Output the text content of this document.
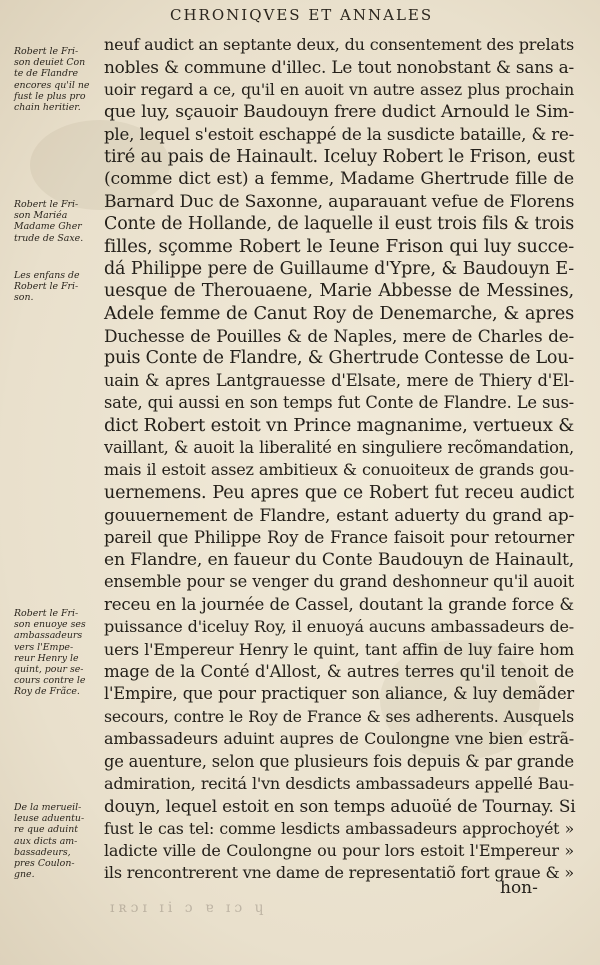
CHRONIQVES ET ANNALES
Robert le Fri-
son deuiet Con
te de Flandre
encores qu'il ne
fust le plus pro
chain heritier.
Robert le Fri-
son Mariéa
Madame Gher
trude de Saxe.
Les enfans de
Robert le Fri-
son.
Robert le Fri-
son enuoye ses
ambassadeurs
vers l'Empe-
reur Henry le
quint, pour se-
cours contre le
Roy de Frãce.
De la merueil-
leuse aduentu-
re que aduint
aux dicts am-
bassadeurs,
pres Coulon-
gne.
neuf audict an septante deux, du consentement des prelats
nobles & commune d'illec. Le tout nonobstant & sans a-
uoir regard a ce, qu'il en auoit vn autre assez plus prochain
que luy, sçauoir Baudouyn frere dudict Arnould le Sim-
ple, lequel s'estoit eschappé de la susdicte bataille, & re-
tiré au pais de Hainault. Iceluy Robert le Frison, eust
(comme dict est) a femme, Madame Ghertrude fille de
Barnard Duc de Saxonne, auparauant vefue de Florens
Conte de Hollande, de laquelle il eust trois fils & trois
filles, sçomme Robert le Ieune Frison qui luy succe-
dá Philippe pere de Guillaume d'Ypre, & Baudouyn E-
uesque de Therouaene, Marie Abbesse de Messines,
Adele femme de Canut Roy de Denemarche, & apres
Duchesse de Pouilles & de Naples, mere de Charles de-
puis Conte de Flandre, & Ghertrude Contesse de Lou-
uain & apres Lantgrauesse d'Elsate, mere de Thiery d'El-
sate, qui aussi en son temps fut Conte de Flandre. Le sus-
dict Robert estoit vn Prince magnanime, vertueux &
vaillant, & auoit la liberalité en singuliere recõmandation,
mais il estoit assez ambitieux & conuoiteux de grands gou-
uernemens. Peu apres que ce Robert fut receu audict
gouuernement de Flandre, estant aduerty du grand ap-
pareil que Philippe Roy de France faisoit pour retourner
en Flandre, en faueur du Conte Baudouyn de Hainault,
ensemble pour se venger du grand deshonneur qu'il auoit
receu en la journée de Cassel, doutant la grande force &
puissance d'iceluy Roy, il enuoyá aucuns ambassadeurs de-
uers l'Empereur Henry le quint, tant affin de luy faire hom
mage de la Conté d'Allost, & autres terres qu'il tenoit de
l'Empire, que pour practiquer son aliance, & luy demãder
secours, contre le Roy de France & ses adherents. Ausquels
ambassadeurs aduint aupres de Coulongne vne bien estrã-
ge auenture, selon que plusieurs fois depuis & par grande
admiration, recitá l'vn desdicts ambassadeurs appellé Bau-
douyn, lequel estoit en son temps aduoüé de Tournay. Si
fust le cas tel: comme lesdicts ambassadeurs approchoyét »
ladicte ville de Coulongne ou pour lors estoit l'Empereur »
ils rencontrerent vne dame de representatiõ fort graue & »
ɪʀɔɪ ɪi ɔ ɐ ɪɔ ɥ
hon-
